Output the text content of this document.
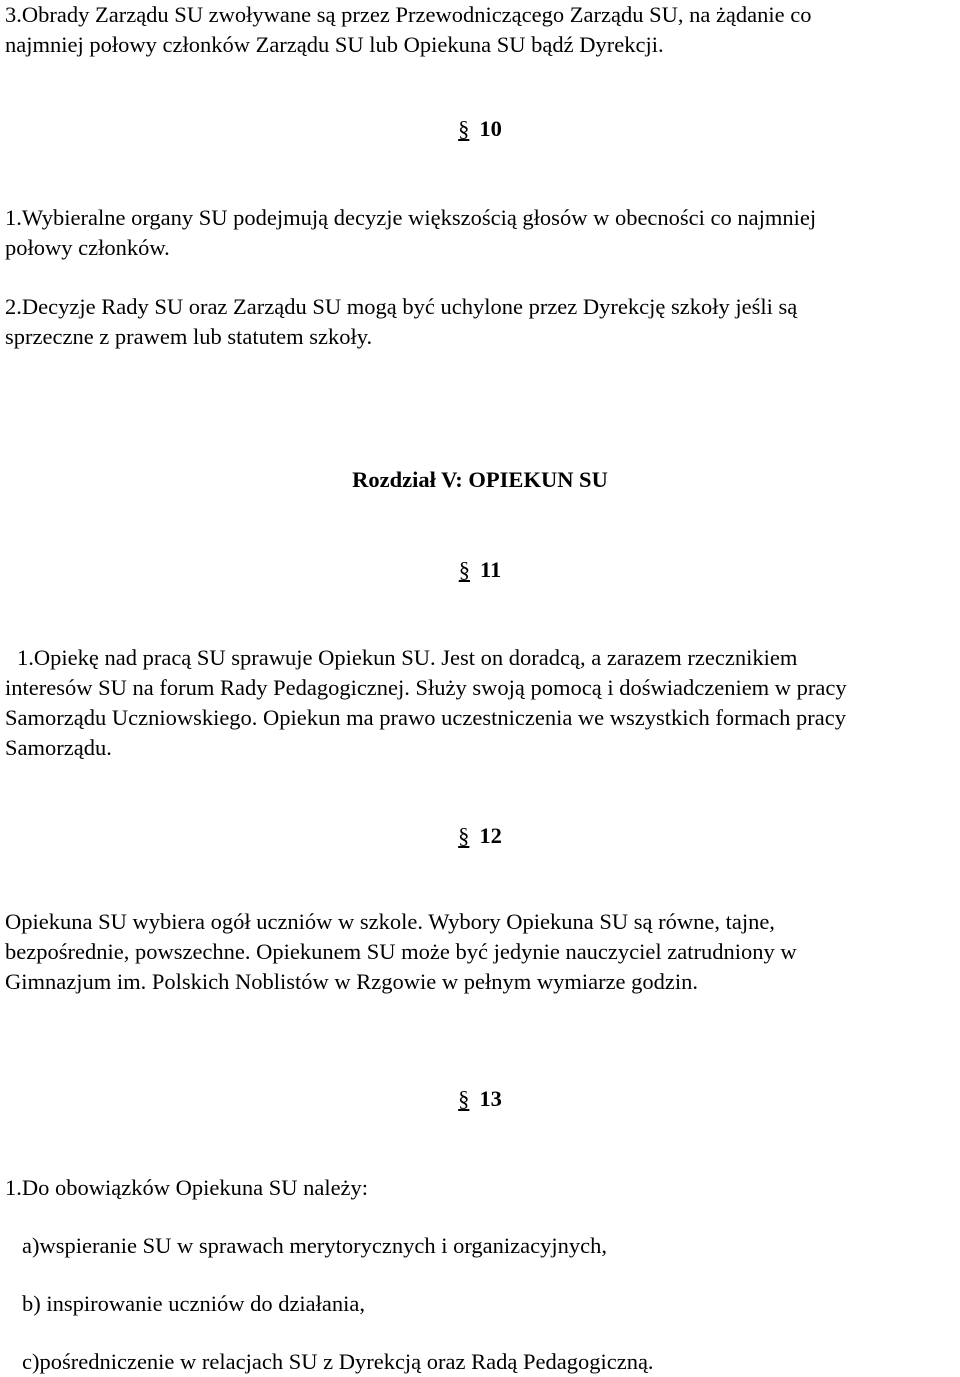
3.Obrady Zarządu SU zwoływane są przez Przewodniczącego Zarządu SU, na żądanie co

najmniej połowy członków Zarządu SU lub Opiekuna SU bądź Dyrekcji.

§ 10

1.Wybieralne organy SU podejmują decyzje większością głosów w obecności co najmniej

połowy członków.

2.Decyzje Rady SU oraz Zarządu SU mogą być uchylone przez Dyrekcję szkoły jeśli są

sprzeczne z prawem lub statutem szkoły.

Rozdział V: OPIEKUN SU

§ 11

1.Opiekę nad pracą SU sprawuje Opiekun SU. Jest on doradcą, a zarazem rzecznikiem

interesów SU na forum Rady Pedagogicznej. Służy swoją pomocą i doświadczeniem w pracy

Samorządu Uczniowskiego. Opiekun ma prawo uczestniczenia we wszystkich formach pracy

Samorządu.

§ 12

Opiekuna SU wybiera ogół uczniów w szkole. Wybory Opiekuna SU są równe, tajne,

bezpośrednie, powszechne. Opiekunem SU może być jedynie nauczyciel zatrudniony w

Gimnazjum im. Polskich Noblistów w Rzgowie w pełnym wymiarze godzin.

§ 13

1.Do obowiązków Opiekuna SU należy:

a)wspieranie SU w sprawach merytorycznych i organizacyjnych,

b) inspirowanie uczniów do działania,

c)pośredniczenie w relacjach SU z Dyrekcją oraz Radą Pedagogiczną.
